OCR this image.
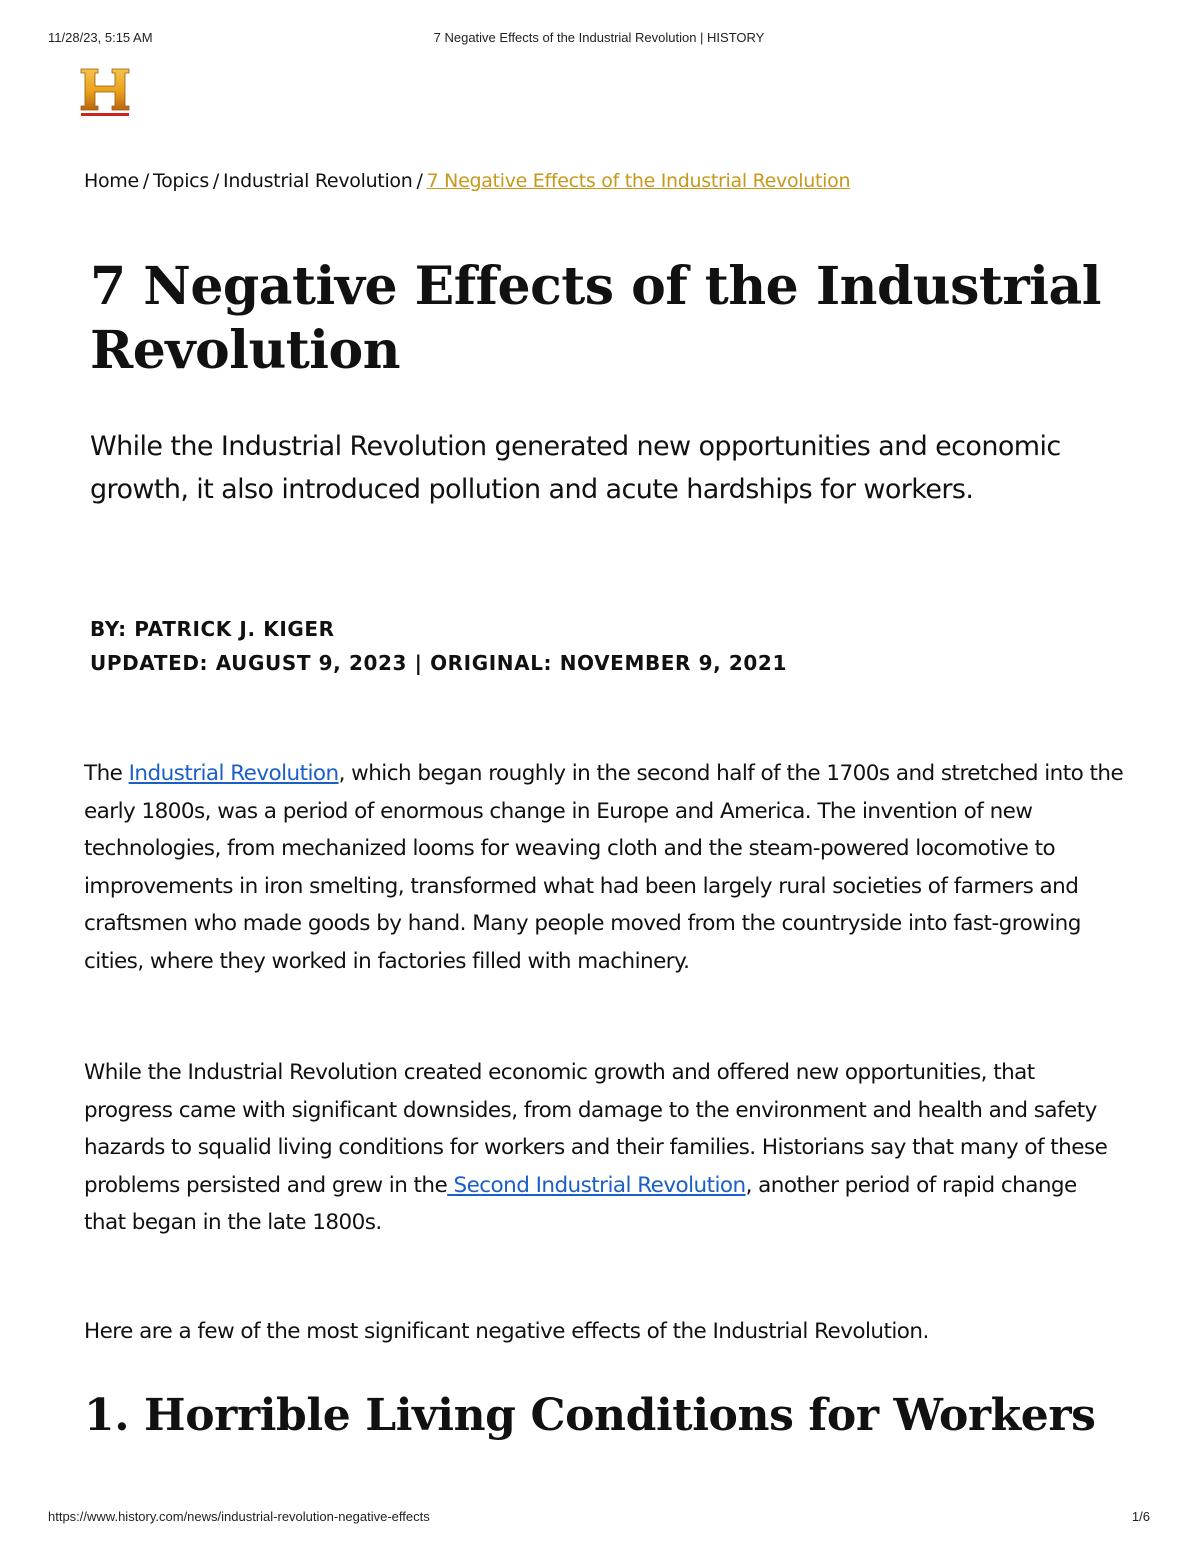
11/28/23, 5:15 AM	7 Negative Effects of the Industrial Revolution | HISTORY
Home / Topics / Industrial Revolution / 7 Negative Effects of the Industrial Revolution
7 Negative Effects of the Industrial Revolution

While the Industrial Revolution generated new opportunities and economic growth, it also introduced pollution and acute hardships for workers.

BY: PATRICK J. KIGER
UPDATED: AUGUST 9, 2023 | ORIGINAL: NOVEMBER 9, 2021

The Industrial Revolution, which began roughly in the second half of the 1700s and stretched into the early 1800s, was a period of enormous change in Europe and America. The invention of new technologies, from mechanized looms for weaving cloth and the steam-powered locomotive to improvements in iron smelting, transformed what had been largely rural societies of farmers and craftsmen who made goods by hand. Many people moved from the countryside into fast-growing cities, where they worked in factories filled with machinery.

While the Industrial Revolution created economic growth and offered new opportunities, that progress came with significant downsides, from damage to the environment and health and safety hazards to squalid living conditions for workers and their families. Historians say that many of these problems persisted and grew in the Second Industrial Revolution, another period of rapid change that began in the late 1800s.

Here are a few of the most significant negative effects of the Industrial Revolution.

1. Horrible Living Conditions for Workers
https://www.history.com/news/industrial-revolution-negative-effects	1/6
